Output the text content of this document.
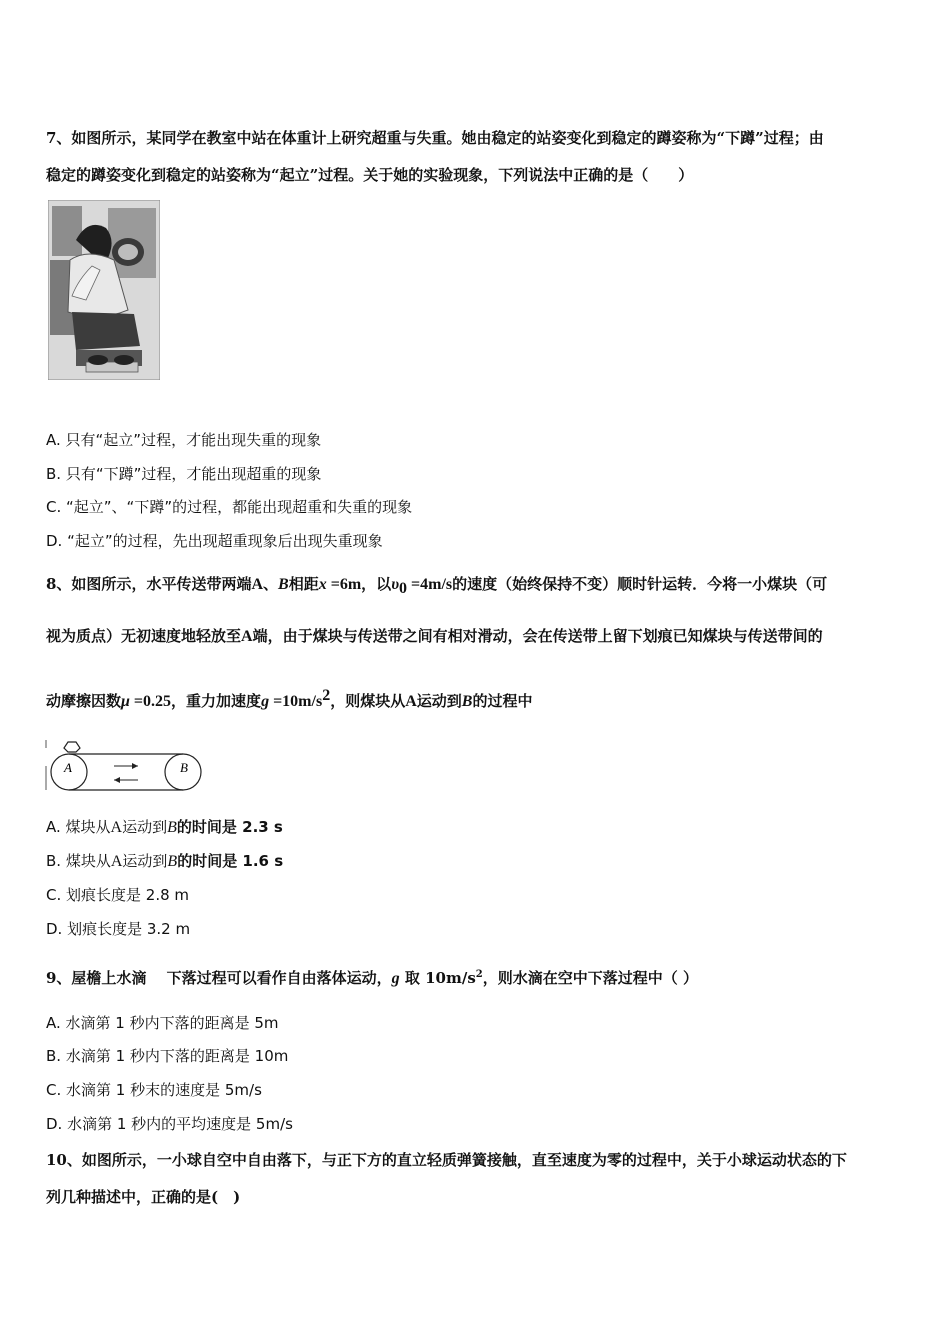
7、如图所示，某同学在教室中站在体重计上研究超重与失重。她由稳定的站姿变化到稳定的蹲姿称为“下蹲”过程；由
稳定的蹲姿变化到稳定的站姿称为“起立”过程。关于她的实验现象，下列说法中正确的是（　　）
A. 只有“起立”过程，才能出现失重的现象
B. 只有“下蹲”过程，才能出现超重的现象
C. “起立”、“下蹲”的过程，都能出现超重和失重的现象
D. “起立”的过程，先出现超重现象后出现失重现象
8、如图所示，水平传送带两端A、B相距x =6m，以$\upsilon_0 =4m/s$的速度（始终保持不变）顺时针运转．今将一小煤块（可
视为质点）无初速度地轻放至A端，由于煤块与传送带之间有相对滑动，会在传送带上留下划痕已知煤块与传送带间的
动摩擦因数μ =0.25，重力加速度$g =10m/s^2$，则煤块从A运动到B的过程中
A	B
A. 煤块从A运动到B的时间是 2.3 s
B. 煤块从A运动到B的时间是 1.6 s
C. 划痕长度是 2.8 m
D. 划痕长度是 3.2 m
9、屋檐上水滴　 下落过程可以看作自由落体运动，g 取 $10m/s^2$，则水滴在空中下落过程中（ ）
A. 水滴第 1 秒内下落的距离是 5m
B. 水滴第 1 秒内下落的距离是 10m
C. 水滴第 1 秒末的速度是 5m/s
D. 水滴第 1 秒内的平均速度是 5m/s
10、如图所示，一小球自空中自由落下，与正下方的直立轻质弹簧接触，直至速度为零的过程中，关于小球运动状态的下
列几种描述中，正确的是(　)
